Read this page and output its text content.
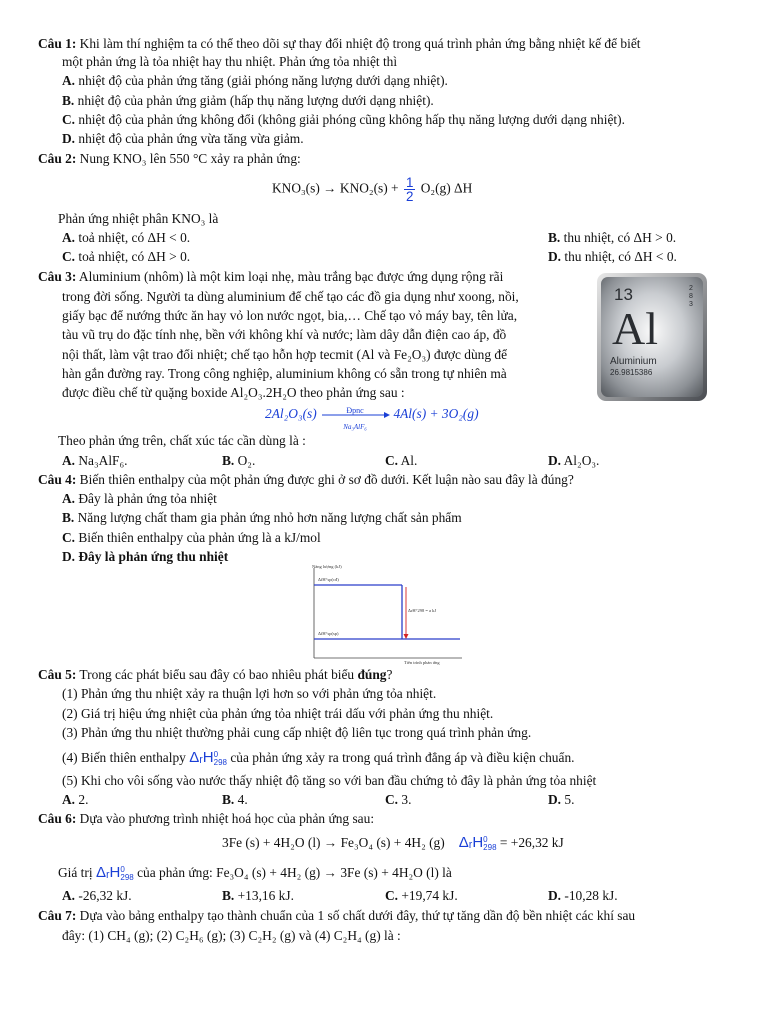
Câu 1: Khi làm thí nghiệm ta có thể theo dõi sự thay đổi nhiệt độ trong quá trình phản ứng bằng nhiệt kế để biết
một phản ứng là tỏa nhiệt hay thu nhiệt. Phản ứng tỏa nhiệt thì
A. nhiệt độ của phản ứng tăng (giải phóng năng lượng dưới dạng nhiệt).
B. nhiệt độ của phản ứng giảm (hấp thụ năng lượng dưới dạng nhiệt).
C. nhiệt độ của phản ứng không đổi (không giải phóng cũng không hấp thụ năng lượng dưới dạng nhiệt).
D. nhiệt độ của phản ứng vừa tăng vừa giảm.
Câu 2: Nung KNO₃ lên 550 °C xảy ra phản ứng:
$KNO_3(s) \to KNO_2(s) + \frac{1}{2} O_2(g)$ ΔH
Phản ứng nhiệt phân KNO₃ là
A. toả nhiệt, có ΔH < 0.	B. thu nhiệt, có ΔH > 0.
C. toả nhiệt, có ΔH > 0.	D. thu nhiệt, có ΔH < 0.
Câu 3: Aluminium (nhôm) là một kim loại nhẹ, màu trắng bạc được ứng dụng rộng rãi
trong đời sống. Người ta dùng aluminium để chế tạo các đồ gia dụng như xoong, nồi,
giấy bạc để nướng thức ăn hay vỏ lon nước ngọt, bia,… Chế tạo vỏ máy bay, tên lửa,
tàu vũ trụ do đặc tính nhẹ, bền với không khí và nước; làm dây dẫn điện cao áp, đồ
nội thất, làm vật trao đổi nhiệt; chế tạo hỗn hợp tecmit (Al và Fe₂O₃) được dùng để
hàn gắn đường ray. Trong công nghiệp, aluminium không có sẵn trong tự nhiên mà
được điều chế từ quặng boxide Al₂O₃.2H₂O theo phản ứng sau :
2Al₂O₃(s)	Đpnc
Na₃AlF₆
4Al(s) + 3O₂(g)
Theo phản ứng trên, chất xúc tác cần dùng là :
A. Na₃AlF₆.	B. O₂.	C. Al.	D. Al₂O₃.
13	2
8
3
Al
Aluminium
26.9815386
Câu 4: Biến thiên enthalpy của một phản ứng được ghi ở sơ đồ dưới. Kết luận nào sau đây là đúng?
A. Đây là phản ứng tỏa nhiệt
B. Năng lượng chất tham gia phản ứng nhỏ hơn năng lượng chất sản phẩm
C. Biến thiên enthalpy của phản ứng là a kJ/mol
D. Đây là phản ứng thu nhiệt
Năng lượng (kJ)
ΔfH°sp(cđ)
ΔrH°298 = a kJ
ΔfH°sp(sp)
Tiến trình phản ứng
Câu 5: Trong các phát biểu sau đây có bao nhiêu phát biểu đúng?
(1) Phản ứng thu nhiệt xảy ra thuận lợi hơn so với phản ứng tỏa nhiệt.
(2) Giá trị hiệu ứng nhiệt của phản ứng tỏa nhiệt trái dấu với phản ứng thu nhiệt.
(3) Phản ứng thu nhiệt thường phải cung cấp nhiệt độ liên tục trong quá trình phản ứng.
(4) Biến thiên enthalpy ΔᵣH 0
298 của phản ứng xảy ra trong quá trình đẳng áp và điều kiện chuẩn.
(5) Khi cho vôi sống vào nước thấy nhiệt độ tăng so với ban đầu chứng tỏ đây là phản ứng tỏa nhiệt
A. 2.	B. 4.	C. 3.	D. 5.
Câu 6: Dựa vào phương trình nhiệt hoá học của phản ứng sau:
3Fe (s) + 4H₂O (l) → Fe₃O₄ (s) + 4H₂ (g) ΔᵣH 0
298 = +26,32 kJ
Giá trị ΔᵣH 0
298 của phản ứng: Fe₃O₄ (s) + 4H₂ (g) → 3Fe (s) + 4H₂O (l) là
A. -26,32 kJ.	B. +13,16 kJ.	C. +19,74 kJ.	D. -10,28 kJ.
Câu 7: Dựa vào bảng enthalpy tạo thành chuẩn của 1 số chất dưới đây, thứ tự tăng dần độ bền nhiệt các khí sau
đây: (1) CH₄ (g); (2) C₂H₆ (g); (3) C₂H₂ (g) và (4) C₂H₄ (g) là :
